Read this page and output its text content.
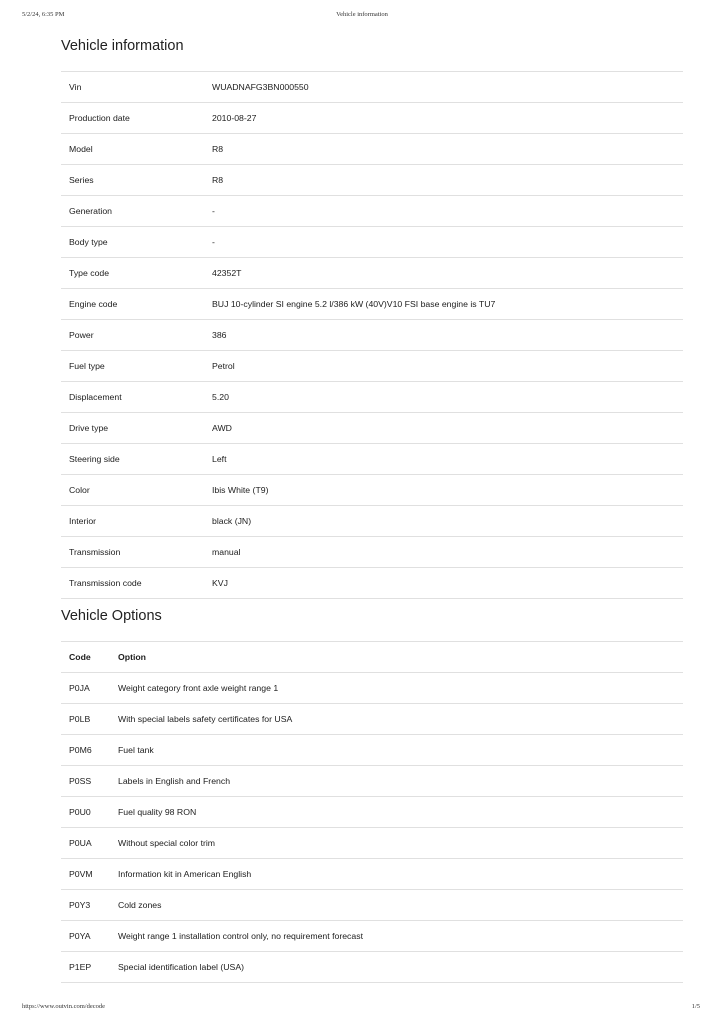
Vehicle information
5/2/24, 6:35 PM
Vehicle information
Vin	WUADNAFG3BN000550
Production date	2010-08-27
Model	R8
Series	R8
Generation	-
Body type	-
Type code	42352T
Engine code	BUJ 10-cylinder SI engine 5.2 l/386 kW (40V)V10 FSI base engine is TU7
Power	386
Fuel type	Petrol
Displacement	5.20
Drive type	AWD
Steering side	Left
Color	Ibis White (T9)
Interior	black (JN)
Transmission	manual
Transmission code	KVJ
Vehicle Options
Code	Option
P0JA	Weight category front axle weight range 1
P0LB	With special labels safety certificates for USA
P0M6	Fuel tank
P0SS	Labels in English and French
P0U0	Fuel quality 98 RON
P0UA	Without special color trim
P0VM	Information kit in American English
P0Y3	Cold zones
P0YA	Weight range 1 installation control only, no requirement forecast
P1EP	Special identification label (USA)
https://www.outvin.com/decode	1/5
